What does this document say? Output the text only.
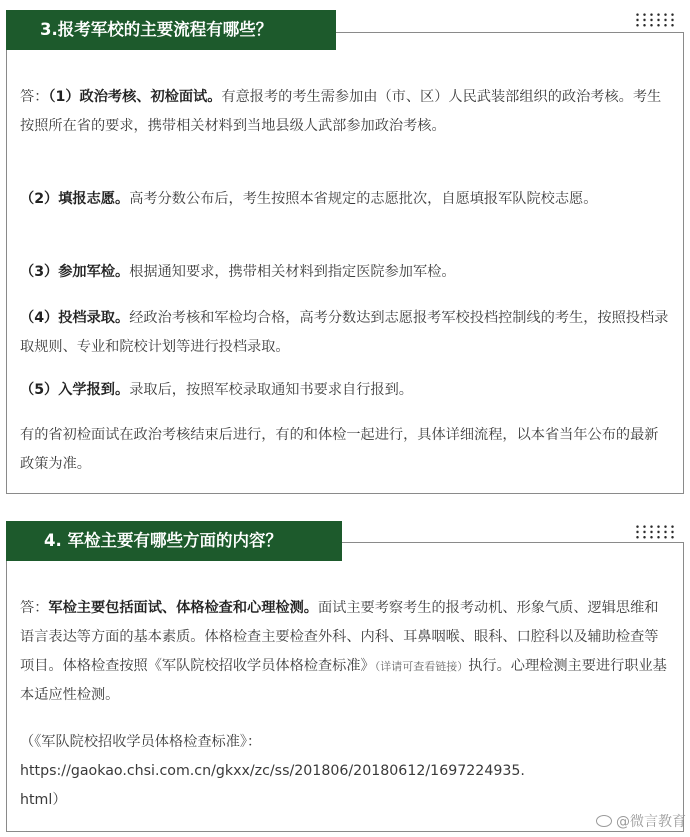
3.报考军校的主要流程有哪些？

答：（1）政治考核、初检面试。有意报考的考生需参加由（市、区）人民武装部组织的政治考核。考生按照所在省的要求，携带相关材料到当地县级人武部参加政治考核。

（2）填报志愿。高考分数公布后，考生按照本省规定的志愿批次，自愿填报军队院校志愿。

（3）参加军检。根据通知要求，携带相关材料到指定医院参加军检。

（4）投档录取。经政治考核和军检均合格，高考分数达到志愿报考军校投档控制线的考生，按照投档录取规则、专业和院校计划等进行投档录取。

（5）入学报到。录取后，按照军校录取通知书要求自行报到。

有的省初检面试在政治考核结束后进行，有的和体检一起进行，具体详细流程，以本省当年公布的最新政策为准。

4. 军检主要有哪些方面的内容？

答：军检主要包括面试、体格检查和心理检测。面试主要考察考生的报考动机、形象气质、逻辑思维和语言表达等方面的基本素质。体格检查主要检查外科、内科、耳鼻咽喉、眼科、口腔科以及辅助检查等项目。体格检查按照《军队院校招收学员体格检查标准》（详请可查看链接）执行。心理检测主要进行职业基本适应性检测。

（《军队院校招收学员体格检查标准》：
https://gaokao.chsi.com.cn/gkxx/zc/ss/201806/20180612/1697224935.
html）

@微言教育
